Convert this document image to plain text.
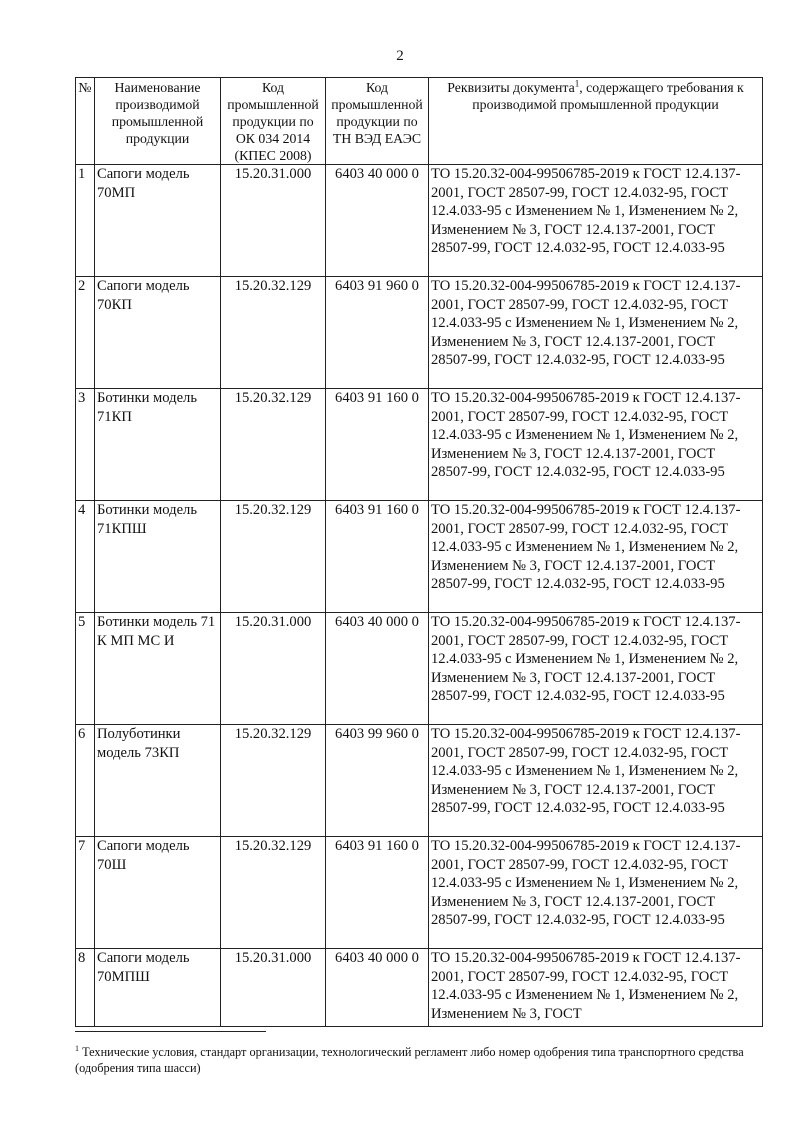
2
№	Наименование производимой промышленной продукции	Код промышленной продукции по ОК 034 2014 (КПЕС 2008)	Код промышленной продукции по ТН ВЭД ЕАЭС	Реквизиты документа$^1$, содержащего требования к производимой промышленной продукции
1	Сапоги модель 70МП	15.20.31.000	6403 40 000 0	ТО 15.20.32-004-99506785-2019 к ГОСТ 12.4.137-2001, ГОСТ 28507-99, ГОСТ 12.4.032-95, ГОСТ 12.4.033-95 с Изменением № 1, Изменением № 2, Изменением № 3, ГОСТ 12.4.137-2001, ГОСТ 28507-99, ГОСТ 12.4.032-95, ГОСТ 12.4.033-95
2	Сапоги модель 70КП	15.20.32.129	6403 91 960 0	ТО 15.20.32-004-99506785-2019 к ГОСТ 12.4.137-2001, ГОСТ 28507-99, ГОСТ 12.4.032-95, ГОСТ 12.4.033-95 с Изменением № 1, Изменением № 2, Изменением № 3, ГОСТ 12.4.137-2001, ГОСТ 28507-99, ГОСТ 12.4.032-95, ГОСТ 12.4.033-95
3	Ботинки модель 71КП	15.20.32.129	6403 91 160 0	ТО 15.20.32-004-99506785-2019 к ГОСТ 12.4.137-2001, ГОСТ 28507-99, ГОСТ 12.4.032-95, ГОСТ 12.4.033-95 с Изменением № 1, Изменением № 2, Изменением № 3, ГОСТ 12.4.137-2001, ГОСТ 28507-99, ГОСТ 12.4.032-95, ГОСТ 12.4.033-95
4	Ботинки модель 71КПШ	15.20.32.129	6403 91 160 0	ТО 15.20.32-004-99506785-2019 к ГОСТ 12.4.137-2001, ГОСТ 28507-99, ГОСТ 12.4.032-95, ГОСТ 12.4.033-95 с Изменением № 1, Изменением № 2, Изменением № 3, ГОСТ 12.4.137-2001, ГОСТ 28507-99, ГОСТ 12.4.032-95, ГОСТ 12.4.033-95
5	Ботинки модель 71 К МП МС И	15.20.31.000	6403 40 000 0	ТО 15.20.32-004-99506785-2019 к ГОСТ 12.4.137-2001, ГОСТ 28507-99, ГОСТ 12.4.032-95, ГОСТ 12.4.033-95 с Изменением № 1, Изменением № 2, Изменением № 3, ГОСТ 12.4.137-2001, ГОСТ 28507-99, ГОСТ 12.4.032-95, ГОСТ 12.4.033-95
6	Полуботинки модель 73КП	15.20.32.129	6403 99 960 0	ТО 15.20.32-004-99506785-2019 к ГОСТ 12.4.137-2001, ГОСТ 28507-99, ГОСТ 12.4.032-95, ГОСТ 12.4.033-95 с Изменением № 1, Изменением № 2, Изменением № 3, ГОСТ 12.4.137-2001, ГОСТ 28507-99, ГОСТ 12.4.032-95, ГОСТ 12.4.033-95
7	Сапоги модель 70Ш	15.20.32.129	6403 91 160 0	ТО 15.20.32-004-99506785-2019 к ГОСТ 12.4.137-2001, ГОСТ 28507-99, ГОСТ 12.4.032-95, ГОСТ 12.4.033-95 с Изменением № 1, Изменением № 2, Изменением № 3, ГОСТ 12.4.137-2001, ГОСТ 28507-99, ГОСТ 12.4.032-95, ГОСТ 12.4.033-95
8	Сапоги модель 70МПШ	15.20.31.000	6403 40 000 0	ТО 15.20.32-004-99506785-2019 к ГОСТ 12.4.137-2001, ГОСТ 28507-99, ГОСТ 12.4.032-95, ГОСТ 12.4.033-95 с Изменением № 1, Изменением № 2, Изменением № 3, ГОСТ
$^1$ Технические условия, стандарт организации, технологический регламент либо номер одобрения типа транспортного средства (одобрения типа шасси)
